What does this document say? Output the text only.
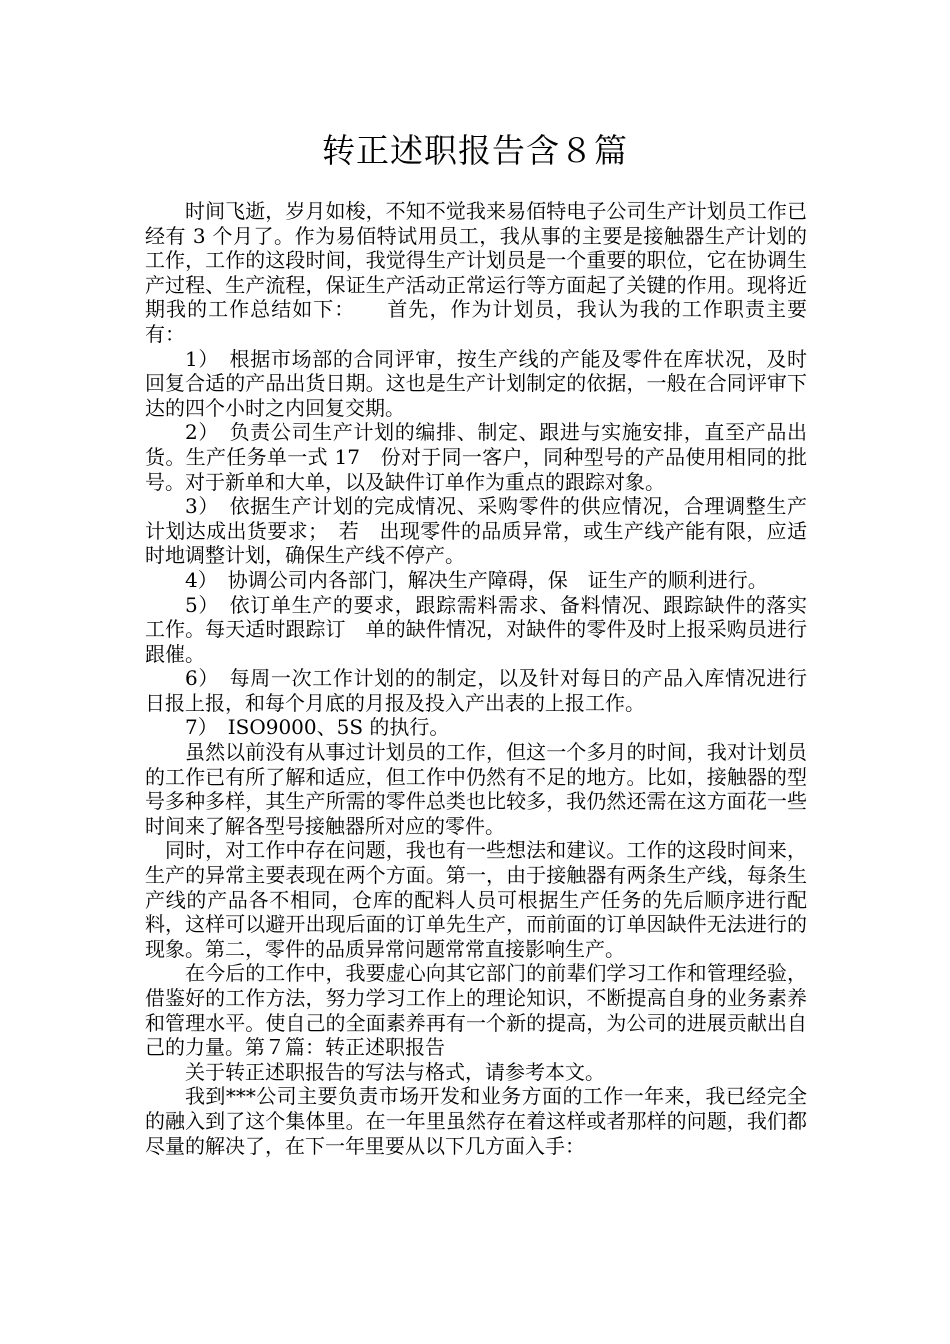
转正述职报告含８篇

时间飞逝，岁月如梭，不知不觉我来易佰特电子公司生产计划员工作已经有 3 个月了。作为易佰特试用员工，我从事的主要是接触器生产计划的工作，工作的这段时间，我觉得生产计划员是一个重要的职位，它在协调生产过程、生产流程，保证生产活动正常运行等方面起了关键的作用。现将近期我的工作总结如下：　　首先，作为计划员，我认为我的工作职责主要有：

1）　根据市场部的合同评审，按生产线的产能及零件在库状况，及时回复合适的产品出货日期。这也是生产计划制定的依据，一般在合同评审下达的四个小时之内回复交期。

2）　负责公司生产计划的编排、制定、跟进与实施安排，直至产品出货。生产任务单一式 17　份对于同一客户，同种型号的产品使用相同的批号。对于新单和大单，以及缺件订单作为重点的跟踪对象。

3）　依据生产计划的完成情况、采购零件的供应情况，合理调整生产计划达成出货要求；　若　出现零件的品质异常，或生产线产能有限，应适时地调整计划，确保生产线不停产。

4）　协调公司内各部门，解决生产障碍，保　证生产的顺利进行。

5）　依订单生产的要求，跟踪需料需求、备料情况、跟踪缺件的落实工作。每天适时跟踪订　单的缺件情况，对缺件的零件及时上报采购员进行跟催。

6）　每周一次工作计划的的制定，以及针对每日的产品入库情况进行日报上报，和每个月底的月报及投入产出表的上报工作。

7）　ISO9000、5S 的执行。

虽然以前没有从事过计划员的工作，但这一个多月的时间，我对计划员的工作已有所了解和适应，但工作中仍然有不足的地方。比如，接触器的型号多种多样，其生产所需的零件总类也比较多，我仍然还需在这方面花一些时间来了解各型号接触器所对应的零件。

同时，对工作中存在问题，我也有一些想法和建议。工作的这段时间来，生产的异常主要表现在两个方面。第一，由于接触器有两条生产线，每条生产线的产品各不相同，仓库的配料人员可根据生产任务的先后顺序进行配料，这样可以避开出现后面的订单先生产，而前面的订单因缺件无法进行的现象。第二，零件的品质异常问题常常直接影响生产。

在今后的工作中，我要虚心向其它部门的前辈们学习工作和管理经验，借鉴好的工作方法，努力学习工作上的理论知识，不断提高自身的业务素养和管理水平。使自己的全面素养再有一个新的提高，为公司的进展贡献出自己的力量。第７篇：转正述职报告

关于转正述职报告的写法与格式，请参考本文。

我到***公司主要负责市场开发和业务方面的工作一年来，我已经完全的融入到了这个集体里。在一年里虽然存在着这样或者那样的问题，我们都尽量的解决了，在下一年里要从以下几方面入手：
